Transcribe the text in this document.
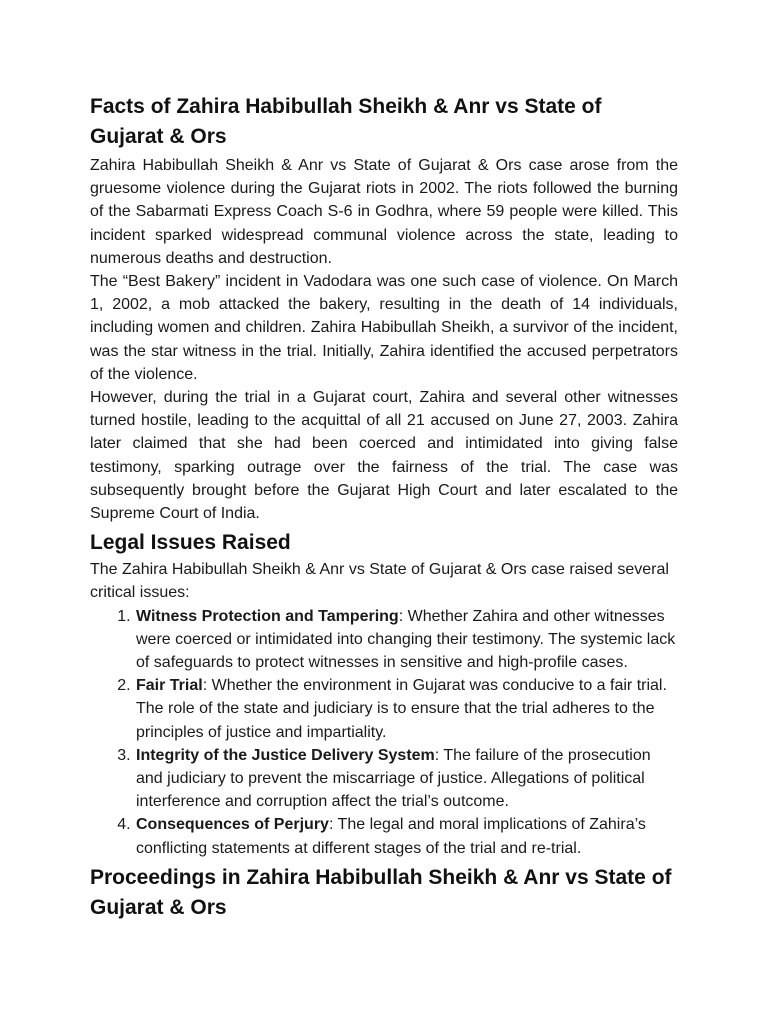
Facts of Zahira Habibullah Sheikh & Anr vs State of Gujarat & Ors

Zahira Habibullah Sheikh & Anr vs State of Gujarat & Ors case arose from the gruesome violence during the Gujarat riots in 2002. The riots followed the burning of the Sabarmati Express Coach S-6 in Godhra, where 59 people were killed. This incident sparked widespread communal violence across the state, leading to numerous deaths and destruction.

The “Best Bakery” incident in Vadodara was one such case of violence. On March 1, 2002, a mob attacked the bakery, resulting in the death of 14 individuals, including women and children. Zahira Habibullah Sheikh, a survivor of the incident, was the star witness in the trial. Initially, Zahira identified the accused perpetrators of the violence.

However, during the trial in a Gujarat court, Zahira and several other witnesses turned hostile, leading to the acquittal of all 21 accused on June 27, 2003. Zahira later claimed that she had been coerced and intimidated into giving false testimony, sparking outrage over the fairness of the trial. The case was subsequently brought before the Gujarat High Court and later escalated to the Supreme Court of India.

Legal Issues Raised

The Zahira Habibullah Sheikh & Anr vs State of Gujarat & Ors case raised several critical issues:

1. Witness Protection and Tampering: Whether Zahira and other witnesses were coerced or intimidated into changing their testimony. The systemic lack of safeguards to protect witnesses in sensitive and high-profile cases.
2. Fair Trial: Whether the environment in Gujarat was conducive to a fair trial. The role of the state and judiciary is to ensure that the trial adheres to the principles of justice and impartiality.
3. Integrity of the Justice Delivery System: The failure of the prosecution and judiciary to prevent the miscarriage of justice. Allegations of political interference and corruption affect the trial’s outcome.
4. Consequences of Perjury: The legal and moral implications of Zahira’s conflicting statements at different stages of the trial and re-trial.
Proceedings in Zahira Habibullah Sheikh & Anr vs State of Gujarat & Ors
